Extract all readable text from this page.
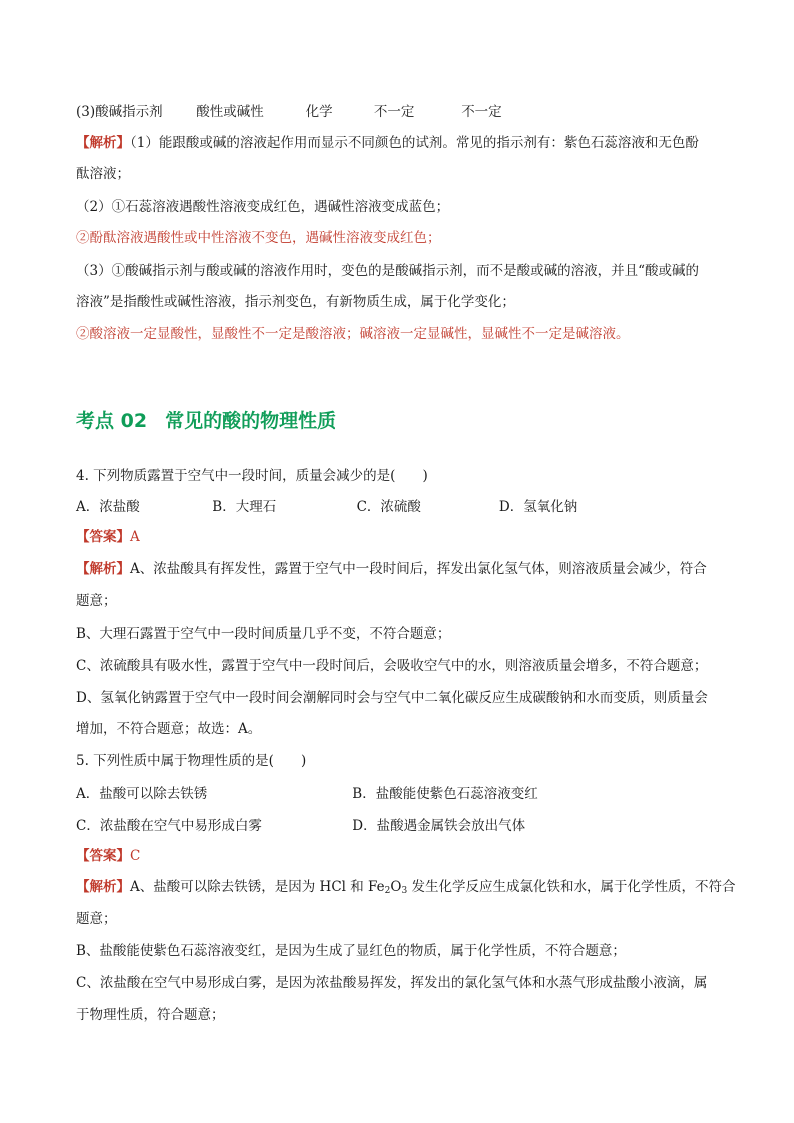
(3)酸碱指示剂 酸性或碱性	化学	不一定	不一定
【解析】（1）能跟酸或碱的溶液起作用而显示不同颜色的试剂。常见的指示剂有：紫色石蕊溶液和无色酚
酞溶液；
（2）①石蕊溶液遇酸性溶液变成红色，遇碱性溶液变成蓝色；
②酚酞溶液遇酸性或中性溶液不变色，遇碱性溶液变成红色；
（3）①酸碱指示剂与酸或碱的溶液作用时，变色的是酸碱指示剂，而不是酸或碱的溶液，并且“酸或碱的
溶液”是指酸性或碱性溶液，指示剂变色，有新物质生成，属于化学变化；
②酸溶液一定显酸性，显酸性不一定是酸溶液；碱溶液一定显碱性，显碱性不一定是碱溶液。
考点 02 常见的酸的物理性质
4. 下列物质露置于空气中一段时间，质量会减少的是(　　)
A．浓盐酸	B．大理石	C．浓硫酸	D．氢氧化钠
【答案】A
【解析】A、浓盐酸具有挥发性，露置于空气中一段时间后，挥发出氯化氢气体，则溶液质量会减少，符合
题意；
B、大理石露置于空气中一段时间质量几乎不变，不符合题意；
C、浓硫酸具有吸水性，露置于空气中一段时间后，会吸收空气中的水，则溶液质量会增多，不符合题意；
D、氢氧化钠露置于空气中一段时间会潮解同时会与空气中二氧化碳反应生成碳酸钠和水而变质，则质量会
增加，不符合题意；故选：A。
5. 下列性质中属于物理性质的是(　　)
A．盐酸可以除去铁锈	B．盐酸能使紫色石蕊溶液变红
C．浓盐酸在空气中易形成白雾	D．盐酸遇金属铁会放出气体
【答案】C
【解析】A、盐酸可以除去铁锈，是因为 HCl 和 $Fe_2O_3$ 发生化学反应生成氯化铁和水，属于化学性质，不符合
题意；
B、盐酸能使紫色石蕊溶液变红，是因为生成了显红色的物质，属于化学性质，不符合题意；
C、浓盐酸在空气中易形成白雾，是因为浓盐酸易挥发，挥发出的氯化氢气体和水蒸气形成盐酸小液滴，属
于物理性质，符合题意；
